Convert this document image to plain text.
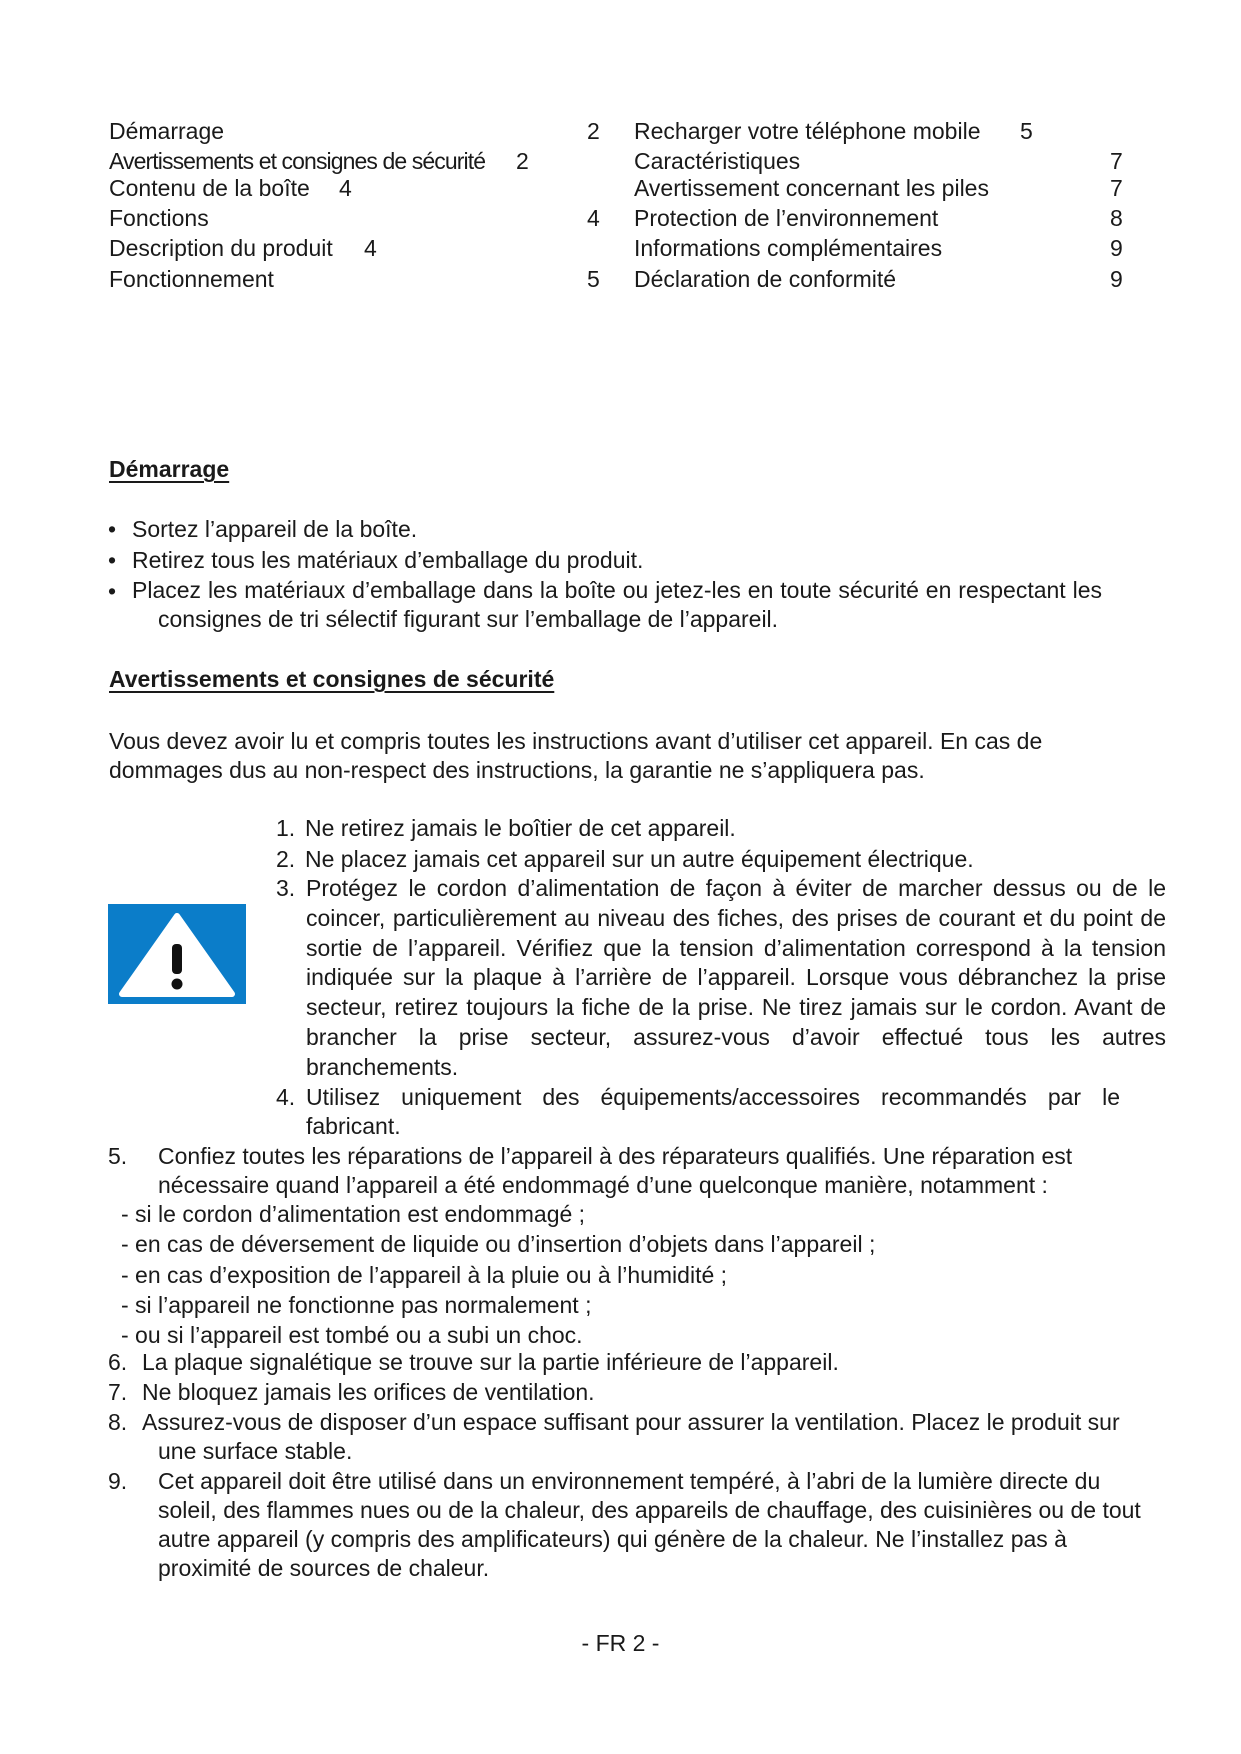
Démarrage	2
Avertissements et consignes de sécurité 2
Contenu de la boîte 4
Fonctions	4
Description du produit 4
Fonctionnement	5
Recharger votre téléphone mobile 5
Caractéristiques	7
Avertissement concernant les piles	7
Protection de l’environnement	8
Informations complémentaires	9
Déclaration de conformité	9
Démarrage
• Sortez l’appareil de la boîte.
• Retirez tous les matériaux d’emballage du produit.
• Placez les matériaux d’emballage dans la boîte ou jetez-les en toute sécurité en respectant les consignes de tri sélectif figurant sur l’emballage de l’appareil.
Avertissements et consignes de sécurité
Vous devez avoir lu et compris toutes les instructions avant d’utiliser cet appareil. En cas de dommages dus au non-respect des instructions, la garantie ne s’appliquera pas.
1. Ne retirez jamais le boîtier de cet appareil.
2. Ne placez jamais cet appareil sur un autre équipement électrique.
3. Protégez le cordon d’alimentation de façon à éviter de marcher dessus ou de le coincer, particulièrement au niveau des fiches, des prises de courant et du point de sortie de l’appareil. Vérifiez que la tension d’alimentation correspond à la tension indiquée sur la plaque à l’arrière de l’appareil. Lorsque vous débranchez la prise secteur, retirez toujours la fiche de la prise. Ne tirez jamais sur le cordon. Avant de brancher la prise secteur, assurez-vous d’avoir effectué tous les autres branchements.
4. Utilisez uniquement des équipements/accessoires recommandés par le fabricant.
5. Confiez toutes les réparations de l’appareil à des réparateurs qualifiés. Une réparation est nécessaire quand l’appareil a été endommagé d’une quelconque manière, notamment :
- si le cordon d’alimentation est endommagé ;
- en cas de déversement de liquide ou d’insertion d’objets dans l’appareil ;
- en cas d’exposition de l’appareil à la pluie ou à l’humidité ;
- si l’appareil ne fonctionne pas normalement ;
- ou si l’appareil est tombé ou a subi un choc.
6. La plaque signalétique se trouve sur la partie inférieure de l’appareil.
7. Ne bloquez jamais les orifices de ventilation.
8. Assurez-vous de disposer d’un espace suffisant pour assurer la ventilation. Placez le produit sur une surface stable.
9. Cet appareil doit être utilisé dans un environnement tempéré, à l’abri de la lumière directe du soleil, des flammes nues ou de la chaleur, des appareils de chauffage, des cuisinières ou de tout autre appareil (y compris des amplificateurs) qui génère de la chaleur. Ne l’installez pas à proximité de sources de chaleur.
- FR 2 -
